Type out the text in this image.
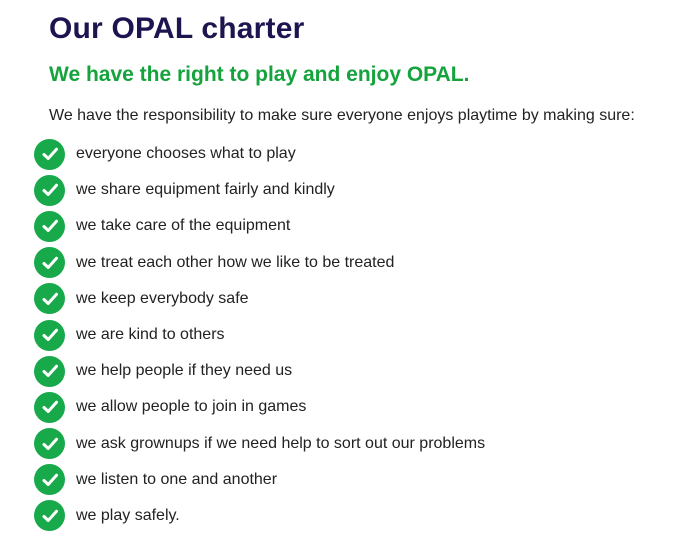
Our OPAL charter
We have the right to play and enjoy OPAL.
We have the responsibility to make sure everyone enjoys playtime by making sure:
everyone chooses what to play
we share equipment fairly and kindly
we take care of the equipment
we treat each other how we like to be treated
we keep everybody safe
we are kind to others
we help people if they need us
we allow people to join in games
we ask grownups if we need help to sort out our problems
we listen to one and another
we play safely.
